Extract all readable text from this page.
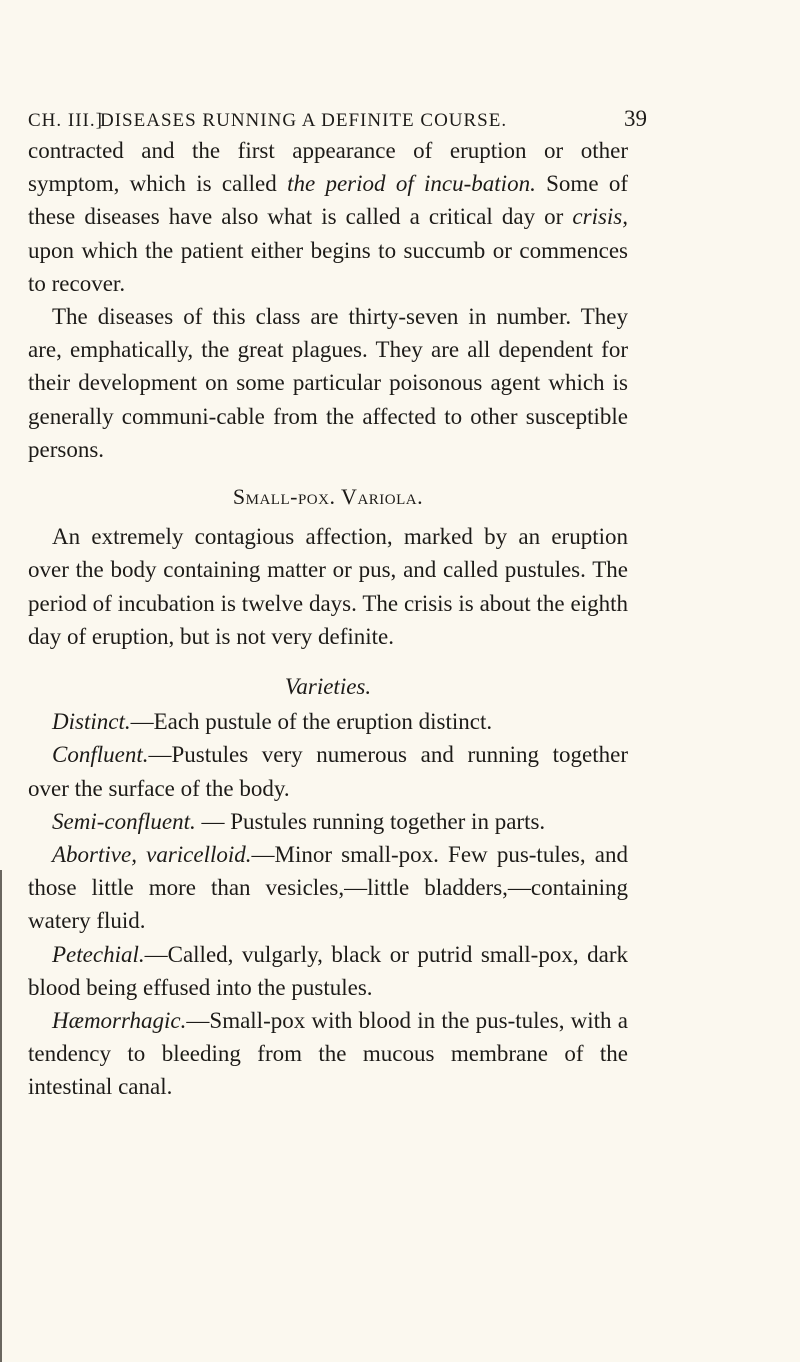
CH. III.]
DISEASES RUNNING A DEFINITE COURSE.	39

contracted and the first appearance of eruption or other symptom, which is called the period of incu-bation. Some of these diseases have also what is called a critical day or crisis, upon which the patient either begins to succumb or commences to recover.

The diseases of this class are thirty-seven in number. They are, emphatically, the great plagues. They are all dependent for their development on some particular poisonous agent which is generally communi-cable from the affected to other susceptible persons.

Small-pox. Variola.

An extremely contagious affection, marked by an eruption over the body containing matter or pus, and called pustules. The period of incubation is twelve days. The crisis is about the eighth day of eruption, but is not very definite.

Varieties.

Distinct.—Each pustule of the eruption distinct.

Confluent.—Pustules very numerous and running together over the surface of the body.

Semi-confluent. — Pustules running together in parts.

Abortive, varicelloid.—Minor small-pox. Few pus-tules, and those little more than vesicles,—little bladders,—containing watery fluid.

Petechial.—Called, vulgarly, black or putrid small-pox, dark blood being effused into the pustules.

Hæmorrhagic.—Small-pox with blood in the pus-tules, with a tendency to bleeding from the mucous membrane of the intestinal canal.
